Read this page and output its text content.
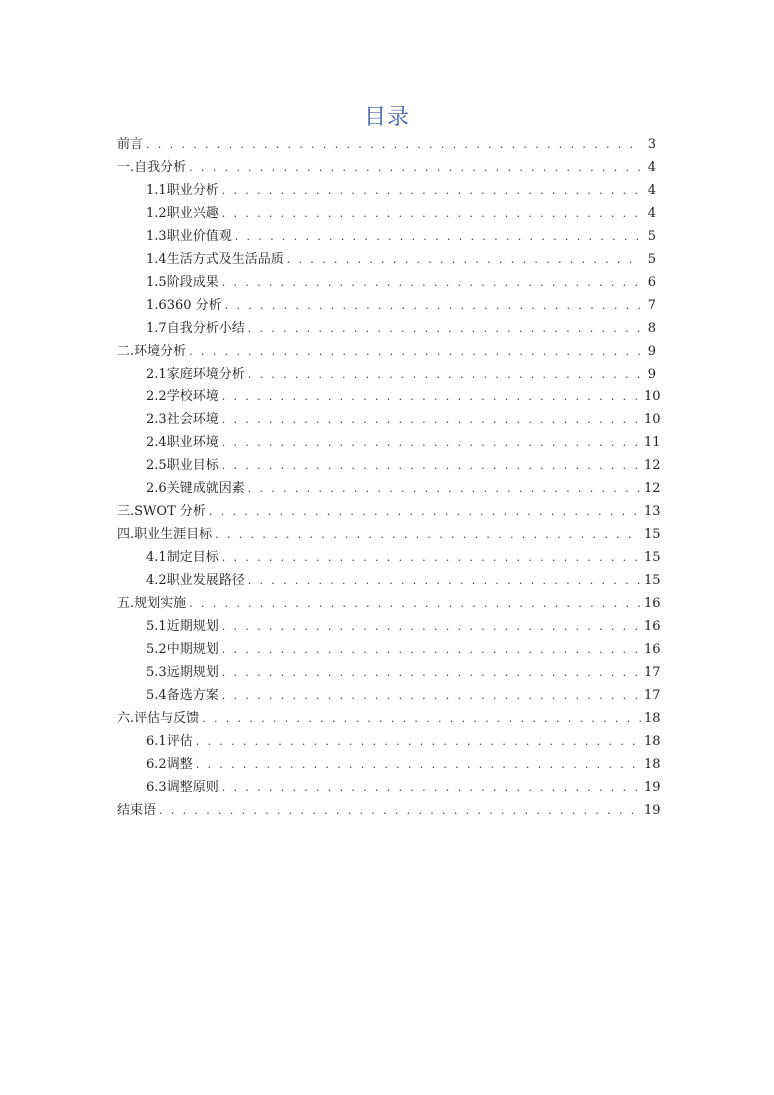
目录
前言 . . .	3
一. 自我分析 . . .	4
1.1 职业分析 . . .	4
1.2 职业兴趣 . . .	4
1.3 职业价值观 . . .	5
1.4 生活方式及生活品质 . . .	5
1.5 阶段成果 . . .	6
1.6 360 分析 . . .	7
1.7 自我分析小结 . . .	8
二. 环境分析 . . .	9
2.1 家庭环境分析 . . .	9
2.2 学校环境 . . .	10
2.3 社会环境 . . .	10
2.4 职业环境 . . .	11
2.5 职业目标 . . .	12
2.6 关键成就因素 . . .	12
三. SWOT 分析 . . .	13
四. 职业生涯目标 . . .	15
4.1 制定目标 . . .	15
4.2 职业发展路径 . . .	15
五. 规划实施 . . .	16
5.1 近期规划 . . .	16
5.2 中期规划 . . .	16
5.3 远期规划 . . .	17
5.4 备选方案 . . .	17
六. 评估与反馈 . . .	18
6.1 评估 . . .	18
6.2 调整 . . .	18
6.3 调整原则 . . .	19
结束语 . . .	19
